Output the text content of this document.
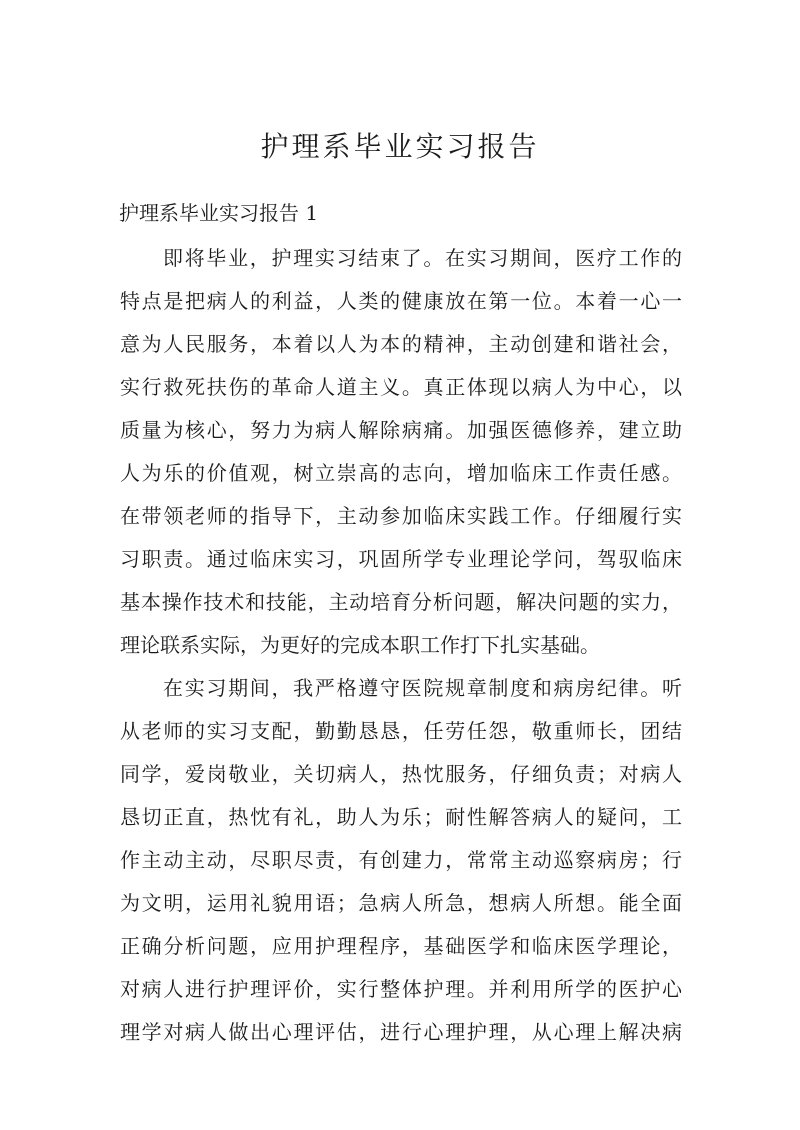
护理系毕业实习报告
护理系毕业实习报告 1
即将毕业，护理实习结束了。在实习期间，医疗工作的
特点是把病人的利益，人类的健康放在第一位。本着一心一
意为人民服务，本着以人为本的精神，主动创建和谐社会，
实行救死扶伤的革命人道主义。真正体现以病人为中心，以
质量为核心，努力为病人解除病痛。加强医德修养，建立助
人为乐的价值观，树立崇高的志向，增加临床工作责任感。
在带领老师的指导下，主动参加临床实践工作。仔细履行实
习职责。通过临床实习，巩固所学专业理论学问，驾驭临床
基本操作技术和技能，主动培育分析问题，解决问题的实力，
理论联系实际，为更好的完成本职工作打下扎实基础。
在实习期间，我严格遵守医院规章制度和病房纪律。听
从老师的实习支配，勤勤恳恳，任劳任怨，敬重师长，团结
同学，爱岗敬业，关切病人，热忱服务，仔细负责；对病人
恳切正直，热忱有礼，助人为乐；耐性解答病人的疑问，工
作主动主动，尽职尽责，有创建力，常常主动巡察病房；行
为文明，运用礼貌用语；急病人所急，想病人所想。能全面
正确分析问题，应用护理程序，基础医学和临床医学理论，
对病人进行护理评价，实行整体护理。并利用所学的医护心
理学对病人做出心理评估，进行心理护理，从心理上解决病
